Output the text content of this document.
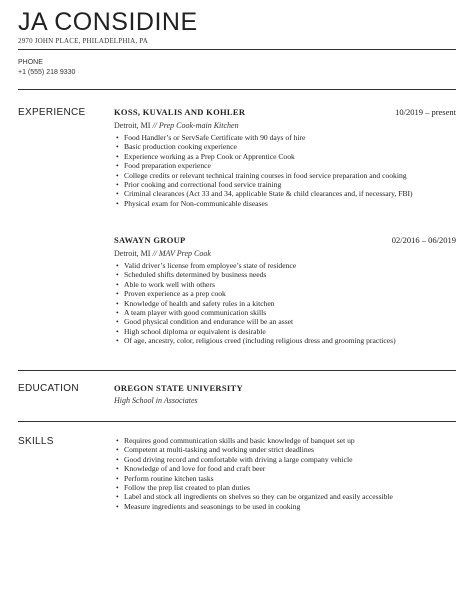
JA CONSIDINE
2970 JOHN PLACE, PHILADELPHIA, PA
PHONE
+1 (555) 218 9330
EXPERIENCE	KOSS, KUVALIS AND KOHLER	10/2019 – present
Detroit, MI // Prep Cook-main Kitchen
• Food Handler’s or ServSafe Certificate with 90 days of hire
• Basic production cooking experience
• Experience working as a Prep Cook or Apprentice Cook
• Food preparation experience
• College credits or relevant technical training courses in food service preparation and cooking
• Prior cooking and correctional food service training
• Criminal clearances (Act 33 and 34, applicable State & child clearances and, if necessary, FBI)
• Physical exam for Non-communicable diseases
SAWAYN GROUP	02/2016 – 06/2019
Detroit, MI // MAV Prep Cook
• Valid driver’s license from employee’s state of residence
• Scheduled shifts determined by business needs
• Able to work well with others
• Proven experience as a prep cook
• Knowledge of health and safety rules in a kitchen
• A team player with good communication skills
• Good physical condition and endurance will be an asset
• High school diploma or equivalent is desirable
• Of age, ancestry, color, religious creed (including religious dress and grooming practices)
EDUCATION	OREGON STATE UNIVERSITY
High School in Associates
SKILLS
•	Requires good communication skills and basic knowledge of banquet set up
• Competent at multi-tasking and working under strict deadlines
• Good driving record and comfortable with driving a large company vehicle
• Knowledge of and love for food and craft beer
• Perform routine kitchen tasks
• Follow the prep list created to plan duties
• Label and stock all ingredients on shelves so they can be organized and easily accessible
• Measure ingredients and seasonings to be used in cooking
